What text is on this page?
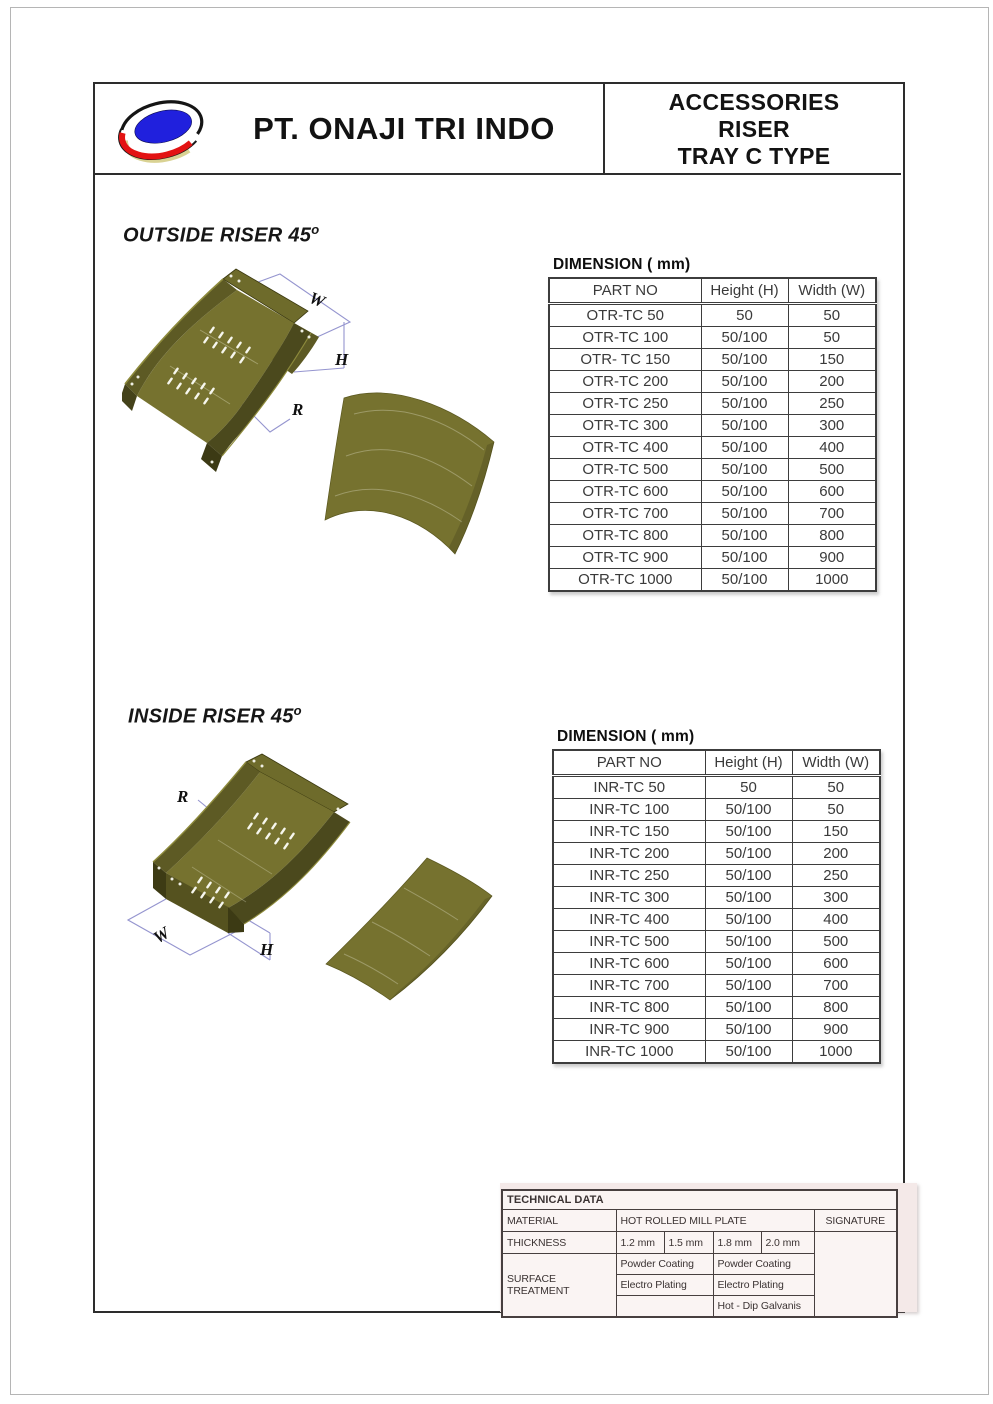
PT. ONAJI TRI INDO
ACCESSORIES
RISER
TRAY C TYPE
OUTSIDE RISER 45$^o$
W
H
R
DIMENSION ( mm)
PART NO	Height (H)	Width (W)
OTR-TC 50	50	50
OTR-TC 100	50/100	50
OTR- TC 150	50/100	150
OTR-TC 200	50/100	200
OTR-TC 250	50/100	250
OTR-TC 300	50/100	300
OTR-TC 400	50/100	400
OTR-TC 500	50/100	500
OTR-TC 600	50/100	600
OTR-TC 700	50/100	700
OTR-TC 800	50/100	800
OTR-TC 900	50/100	900
OTR-TC 1000	50/100	1000
INSIDE RISER 45$^o$
R
W
H
DIMENSION ( mm)
PART NO	Height (H)	Width (W)
INR-TC 50	50	50
INR-TC 100	50/100	50
INR-TC 150	50/100	150
INR-TC 200	50/100	200
INR-TC 250	50/100	250
INR-TC 300	50/100	300
INR-TC 400	50/100	400
INR-TC 500	50/100	500
INR-TC 600	50/100	600
INR-TC 700	50/100	700
INR-TC 800	50/100	800
INR-TC 900	50/100	900
INR-TC 1000	50/100	1000
TECHNICAL DATA					
MATERIAL	HOT ROLLED MILL PLATE				SIGNATURE
THICKNESS	1.2 mm	1.5 mm	1.8 mm	2.0 mm	
SURFACE TREATMENT	Powder Coating		Powder Coating		
	Electro Plating		Electro Plating		
			Hot - Dip Galvanis		
